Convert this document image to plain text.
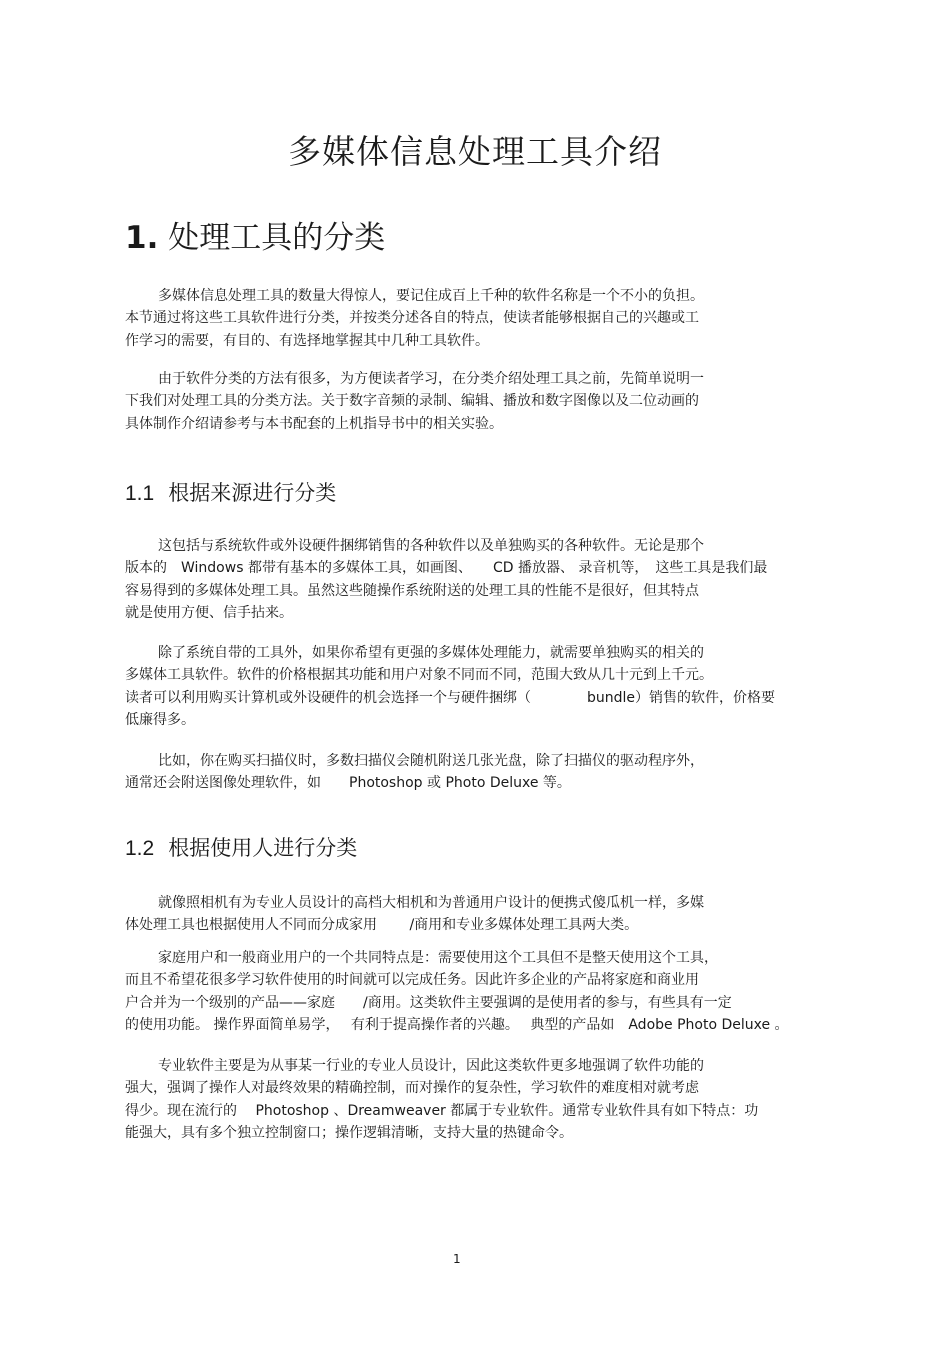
多媒体信息处理工具介绍
1. 处理工具的分类
多媒体信息处理工具的数量大得惊人，要记住成百上千种的软件名称是一个不小的负担。
本节通过将这些工具软件进行分类，并按类分述各自的特点，使读者能够根据自己的兴趣或工
作学习的需要，有目的、有选择地掌握其中几种工具软件。
由于软件分类的方法有很多，为方便读者学习，在分类介绍处理工具之前，先简单说明一
下我们对处理工具的分类方法。关于数字音频的录制、编辑、播放和数字图像以及二位动画的
具体制作介绍请参考与本书配套的上机指导书中的相关实验。
1.1 根据来源进行分类
这包括与系统软件或外设硬件捆绑销售的各种软件以及单独购买的各种软件。无论是那个
版本的　Windows 都带有基本的多媒体工具，如画图、　　CD 播放器、 录音机等，　这些工具是我们最
容易得到的多媒体处理工具。虽然这些随操作系统附送的处理工具的性能不是很好，但其特点
就是使用方便、信手拈来。
除了系统自带的工具外，如果你希望有更强的多媒体处理能力，就需要单独购买的相关的
多媒体工具软件。软件的价格根据其功能和用户对象不同而不同，范围大致从几十元到上千元。
读者可以利用购买计算机或外设硬件的机会选择一个与硬件捆绑（　　　　bundle）销售的软件，价格要
低廉得多。
比如，你在购买扫描仪时，多数扫描仪会随机附送几张光盘，除了扫描仪的驱动程序外，
通常还会附送图像处理软件，如　　Photoshop 或 Photo Deluxe 等。
1.2 根据使用人进行分类
就像照相机有为专业人员设计的高档大相机和为普通用户设计的便携式傻瓜机一样，多媒
体处理工具也根据使用人不同而分成家用　　 /商用和专业多媒体处理工具两大类。
家庭用户和一般商业用户的一个共同特点是：需要使用这个工具但不是整天使用这个工具，
而且不希望花很多学习软件使用的时间就可以完成任务。因此许多企业的产品将家庭和商业用
户合并为一个级别的产品——家庭　　/商用。这类软件主要强调的是使用者的参与，有些具有一定
的使用功能。 操作界面简单易学，　 有利于提高操作者的兴趣。　 典型的产品如　Adobe Photo Deluxe 。
专业软件主要是为从事某一行业的专业人员设计，因此这类软件更多地强调了软件功能的
强大，强调了操作人对最终效果的精确控制，而对操作的复杂性，学习软件的难度相对就考虑
得少。现在流行的　 Photoshop 、Dreamweaver 都属于专业软件。通常专业软件具有如下特点：功
能强大，具有多个独立控制窗口；操作逻辑清晰，支持大量的热键命令。
1
